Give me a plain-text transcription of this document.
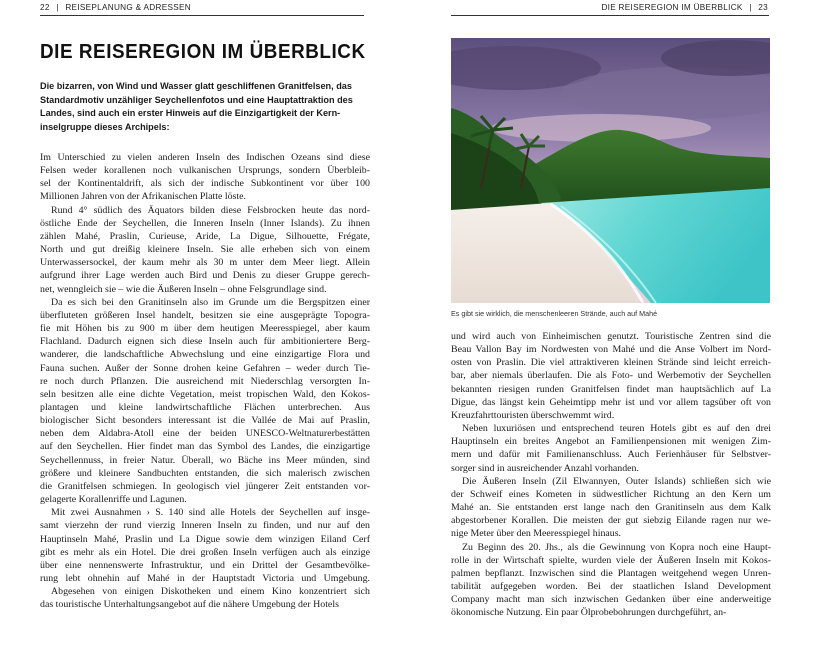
22 | REISEPLANUNG & ADRESSEN
DIE REISEREGION IM ÜBERBLICK
Die bizarren, von Wind und Wasser glatt geschliffenen Granitfelsen, das
Standardmotiv unzähliger Seychellenfotos und eine Hauptattraktion des
Landes, sind auch ein erster Hinweis auf die Einzigartigkeit der Kern-
inselgruppe dieses Archipels:
Im Unterschied zu vielen anderen Inseln des Indischen Ozeans sind diese
Felsen weder korallenen noch vulkanischen Ursprungs, sondern Überbleib-
sel der Kontinentaldrift, als sich der indische Subkontinent vor über 100
Millionen Jahren von der Afrikanischen Platte löste.
Rund 4° südlich des Äquators bilden diese Felsbrocken heute das nord-
östliche Ende der Seychellen, die Inneren Inseln (Inner Islands). Zu ihnen
zählen Mahé, Praslin, Curieuse, Aride, La Digue, Silhouette, Frégate,
North und gut dreißig kleinere Inseln. Sie alle erheben sich von einem
Unterwassersockel, der kaum mehr als 30 m unter dem Meer liegt. Allein
aufgrund ihrer Lage werden auch Bird und Denis zu dieser Gruppe gerech-
net, wenngleich sie – wie die Äußeren Inseln – ohne Felsgrundlage sind.
Da es sich bei den Granitinseln also im Grunde um die Bergspitzen einer
überfluteten größeren Insel handelt, besitzen sie eine ausgeprägte Topogra-
fie mit Höhen bis zu 900 m über dem heutigen Meeresspiegel, aber kaum
Flachland. Dadurch eignen sich diese Inseln auch für ambitioniertere Berg-
wanderer, die landschaftliche Abwechslung und eine einzigartige Flora und
Fauna suchen. Außer der Sonne drohen keine Gefahren – weder durch Tie-
re noch durch Pflanzen. Die ausreichend mit Niederschlag versorgten In-
seln besitzen alle eine dichte Vegetation, meist tropischen Wald, den Kokos-
plantagen und kleine landwirtschaftliche Flächen unterbrechen. Aus
biologischer Sicht besonders interessant ist die Vallée de Mai auf Praslin,
neben dem Aldabra-Atoll eine der beiden UNESCO-Weltnaturerbestätten
auf den Seychellen. Hier findet man das Symbol des Landes, die einzigartige
Seychellennuss, in freier Natur. Überall, wo Bäche ins Meer münden, sind
größere und kleinere Sandbuchten entstanden, die sich malerisch zwischen
die Granitfelsen schmiegen. In geologisch viel jüngerer Zeit entstanden vor-
gelagerte Korallenriffe und Lagunen.
Mit zwei Ausnahmen › S. 140 sind alle Hotels der Seychellen auf insge-
samt vierzehn der rund vierzig Inneren Inseln zu finden, und nur auf den
Hauptinseln Mahé, Praslin und La Digue sowie dem winzigen Eiland Cerf
gibt es mehr als ein Hotel. Die drei großen Inseln verfügen auch als einzige
über eine nennenswerte Infrastruktur, und ein Drittel der Gesamtbevölke-
rung lebt ohnehin auf Mahé in der Hauptstadt Victoria und Umgebung.
Abgesehen von einigen Diskotheken und einem Kino konzentriert sich
das touristische Unterhaltungsangebot auf die nähere Umgebung der Hotels
DIE REISEREGION IM ÜBERBLICK | 23

Es gibt sie wirklich, die menschenleeren Strände, auch auf Mahé

und wird auch von Einheimischen genutzt. Touristische Zentren sind die
Beau Vallon Bay im Nordwesten von Mahé und die Anse Volbert im Nord-
osten von Praslin. Die viel attraktiveren kleinen Strände sind leicht erreich-
bar, aber niemals überlaufen. Die als Foto- und Werbemotiv der Seychellen
bekannten riesigen runden Granitfelsen findet man hauptsächlich auf La
Digue, das längst kein Geheimtipp mehr ist und vor allem tagsüber oft von
Kreuzfahrttouristen überschwemmt wird.
Neben luxuriösen und entsprechend teuren Hotels gibt es auf den drei
Hauptinseln ein breites Angebot an Familienpensionen mit wenigen Zim-
mern und dafür mit Familienanschluss. Auch Ferienhäuser für Selbstver-
sorger sind in ausreichender Anzahl vorhanden.
Die Äußeren Inseln (Zil Elwannyen, Outer Islands) schließen sich wie
der Schweif eines Kometen in südwestlicher Richtung an den Kern um
Mahé an. Sie entstanden erst lange nach den Granitinseln aus dem Kalk
abgestorbener Korallen. Die meisten der gut siebzig Eilande ragen nur we-
nige Meter über den Meeresspiegel hinaus.
Zu Beginn des 20. Jhs., als die Gewinnung von Kopra noch eine Haupt-
rolle in der Wirtschaft spielte, wurden viele der Äußeren Inseln mit Kokos-
palmen bepflanzt. Inzwischen sind die Plantagen weitgehend wegen Unren-
tabilität aufgegeben worden. Bei der staatlichen Island Development
Company macht man sich inzwischen Gedanken über eine anderweitige
ökonomische Nutzung. Ein paar Ölprobebohrungen durchgeführt, an-
